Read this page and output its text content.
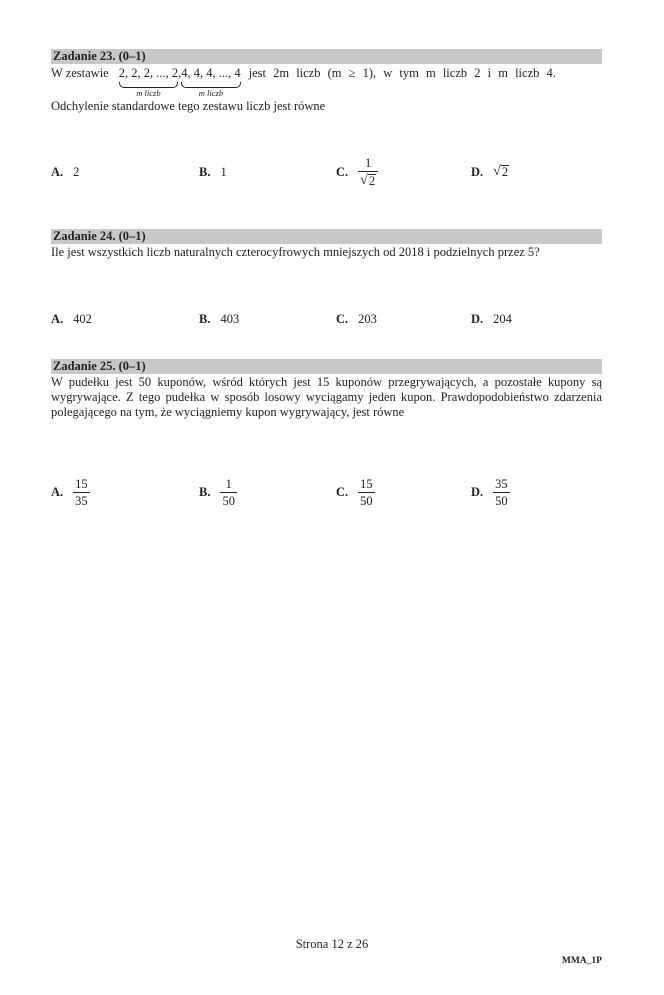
Zadanie 23. (0–1)
W zestawie 2, 2, 2, ..., 2
m liczb
, 4, 4, 4, ..., 4
m liczb
jest 2m liczb (m ≥ 1), w tym m liczb 2 i m liczb 4.
Odchylenie standardowe tego zestawu liczb jest równe
A. 2	B. 1	C. $\frac{1}{√ 2}$	D. √ 2
Zadanie 24. (0–1)
Ile jest wszystkich liczb naturalnych czterocyfrowych mniejszych od 2018 i podzielnych przez 5?
A. 402	B. 403	C. 203	D. 204
Zadanie 25. (0–1)
W pudełku jest 50 kuponów, wśród których jest 15 kuponów przegrywających, a pozostałe kupony są wygrywające. Z tego pudełka w sposób losowy wyciągamy jeden kupon. Prawdopodobieństwo zdarzenia polegającego na tym, że wyciągniemy kupon wygrywający, jest równe
A. $\frac{15}{35}$	B. $\frac{1}{50}$	C. $\frac{15}{50}$	D. $\frac{35}{50}$
Strona 12 z 26
MMA_1P
